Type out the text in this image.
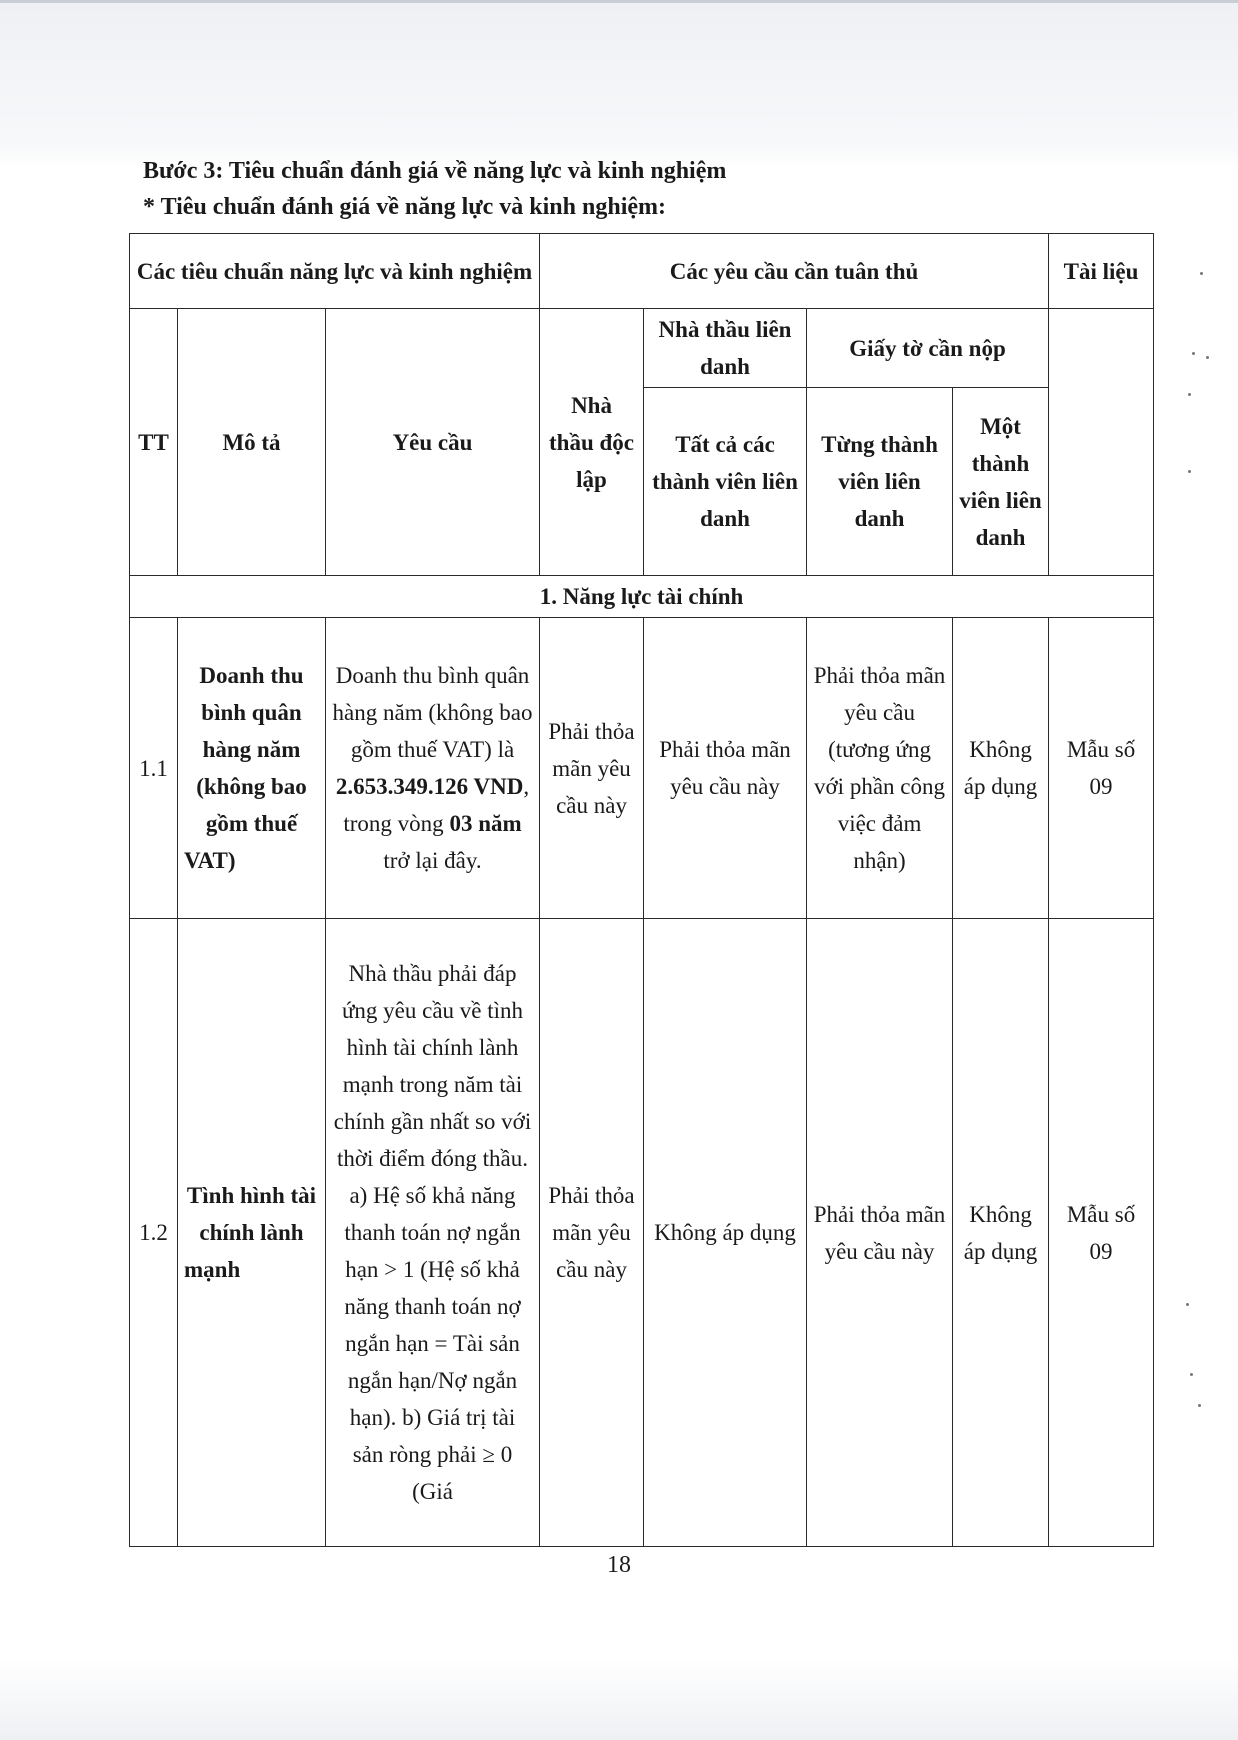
Bước 3: Tiêu chuẩn đánh giá về năng lực và kinh nghiệm
* Tiêu chuẩn đánh giá về năng lực và kinh nghiệm:
Các tiêu chuẩn năng lực và kinh nghiệm			Các yêu cầu cần tuân thủ				Tài liệu
TT	Mô tả	Yêu cầu	Nhà thầu độc lập	Nhà thầu liên danh	Giấy tờ cần nộp		
				Tất cả các thành viên liên danh	Từng thành viên liên danh	Một thành viên liên danh	
1. Năng lực tài chính							
1.1	Doanh thu bình quân hàng năm (không bao gồm thuế VAT)	Doanh thu bình quân hàng năm (không bao gồm thuế VAT) là 2.653.349.126 VND, trong vòng 03 năm trở lại đây.	Phải thỏa mãn yêu cầu này	Phải thỏa mãn yêu cầu này	Phải thỏa mãn yêu cầu (tương ứng với phần công việc đảm nhận)	Không áp dụng	Mẫu số 09
1.2	Tình hình tài chính lành mạnh	Nhà thầu phải đáp ứng yêu cầu về tình hình tài chính lành mạnh trong năm tài chính gần nhất so với thời điểm đóng thầu. a) Hệ số khả năng thanh toán nợ ngắn hạn > 1 (Hệ số khả năng thanh toán nợ ngắn hạn = Tài sản ngắn hạn/Nợ ngắn hạn). b) Giá trị tài sản ròng phải ≥ 0 (Giá	Phải thỏa mãn yêu cầu này	Không áp dụng	Phải thỏa mãn yêu cầu này	Không áp dụng	Mẫu số 09
18
